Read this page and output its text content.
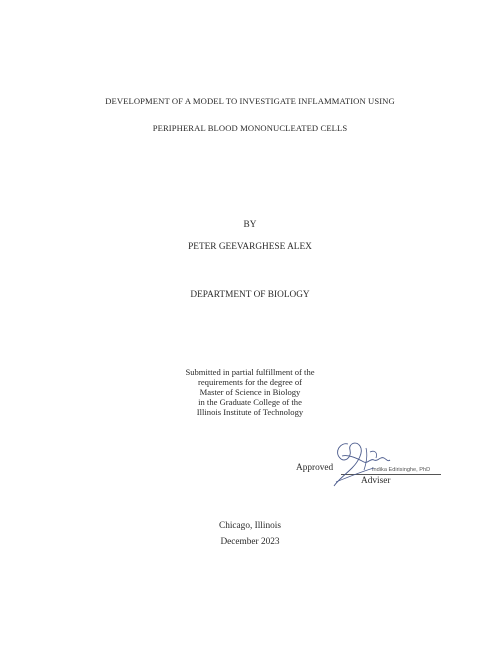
DEVELOPMENT OF A MODEL TO INVESTIGATE INFLAMMATION USING
PERIPHERAL BLOOD MONONUCLEATED CELLS
BY
PETER GEEVARGHESE ALEX
DEPARTMENT OF BIOLOGY
Submitted in partial fulfillment of the
requirements for the degree of
Master of Science in Biology
in the Graduate College of the
Illinois Institute of Technology
Approved	Indika Edirisinghe, PhD
Adviser
Chicago, Illinois
December 2023
